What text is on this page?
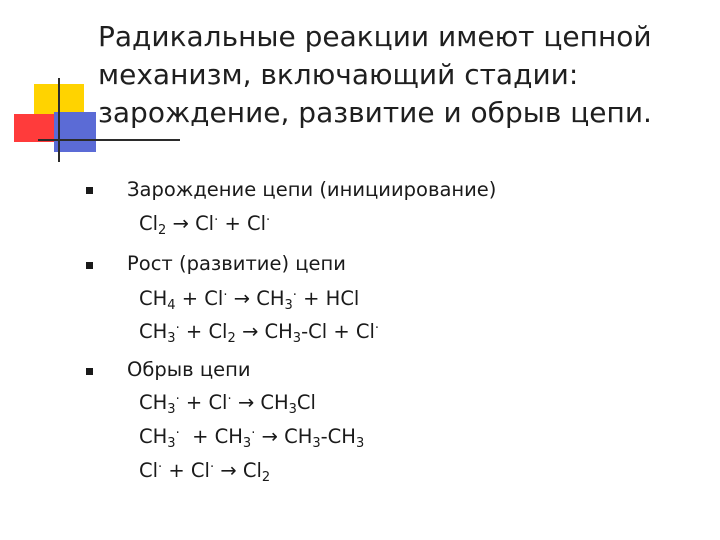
Радикальные реакции имеют цепной
механизм, включающий стадии:
зарождение, развитие и обрыв цепи.
Зарождение цепи (инициирование)
$Cl_2 \to Cl^\cdot + Cl^\cdot$
Рост (развитие) цепи
$CH_4 + Cl^\cdot \to CH_3^\cdot$ + HCl
$CH_3^\cdot + Cl_2 \to CH_3-Cl + Cl^\cdot$
Обрыв цепи
$CH_3^\cdot + Cl^\cdot \to CH_3Cl$
$CH_3^\cdot + CH_3^\cdot \to CH_3-CH_3$
$Cl^\cdot + Cl^\cdot \to Cl_2$
